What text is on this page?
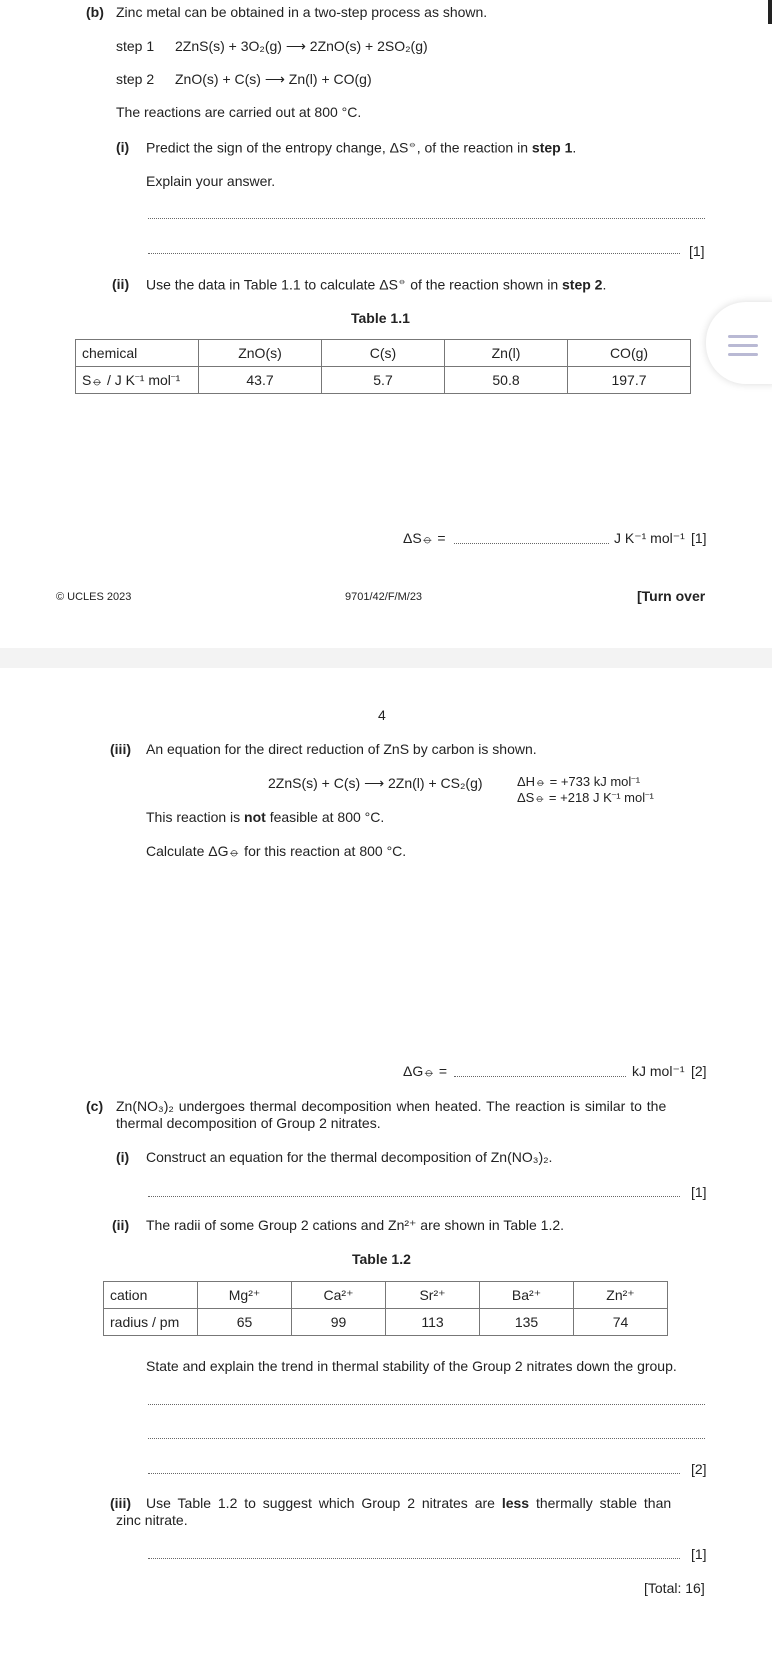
(b) Zinc metal can be obtained in a two-step process as shown.
step 1 2ZnS(s) + 3O₂(g) ⟶ 2ZnO(s) + 2SO₂(g)
step 2 ZnO(s) + C(s) ⟶ Zn(l) + CO(g)
The reactions are carried out at 800 °C.
(i) Predict the sign of the entropy change, ΔS⦵, of the reaction in step 1.
Explain your answer.
[1]
(ii) Use the data in Table 1.1 to calculate ΔS⦵ of the reaction shown in step 2.
Table 1.1
chemical	ZnO(s)	C(s)	Zn(l)	CO(g)
S⦵ / J K⁻¹ mol⁻¹	43.7	5.7	50.8	197.7
ΔS⦵ =	J K⁻¹ mol⁻¹ [1]
© UCLES 2023	9701/42/F/M/23	[Turn over
4
(iii) An equation for the direct reduction of ZnS by carbon is shown.
2ZnS(s) + C(s) ⟶ 2Zn(l) + CS₂(g)	ΔH⦵ = +733 kJ mol⁻¹
ΔS⦵ = +218 J K⁻¹ mol⁻¹
This reaction is not feasible at 800 °C.
Calculate ΔG⦵ for this reaction at 800 °C.
ΔG⦵ =	kJ mol⁻¹ [2]
(c) Zn(NO₃)₂ undergoes thermal decomposition when heated. The reaction is similar to the
thermal decomposition of Group 2 nitrates.
(i) Construct an equation for the thermal decomposition of Zn(NO₃)₂.
[1]
(ii) The radii of some Group 2 cations and Zn²⁺ are shown in Table 1.2.
Table 1.2
cation	Mg²⁺	Ca²⁺	Sr²⁺	Ba²⁺	Zn²⁺
radius / pm	65	99	113	135	74
State and explain the trend in thermal stability of the Group 2 nitrates down the group.
[2]
(iii) Use Table 1.2 to suggest which Group 2 nitrates are less thermally stable than
zinc nitrate.
[1]
[Total: 16]
